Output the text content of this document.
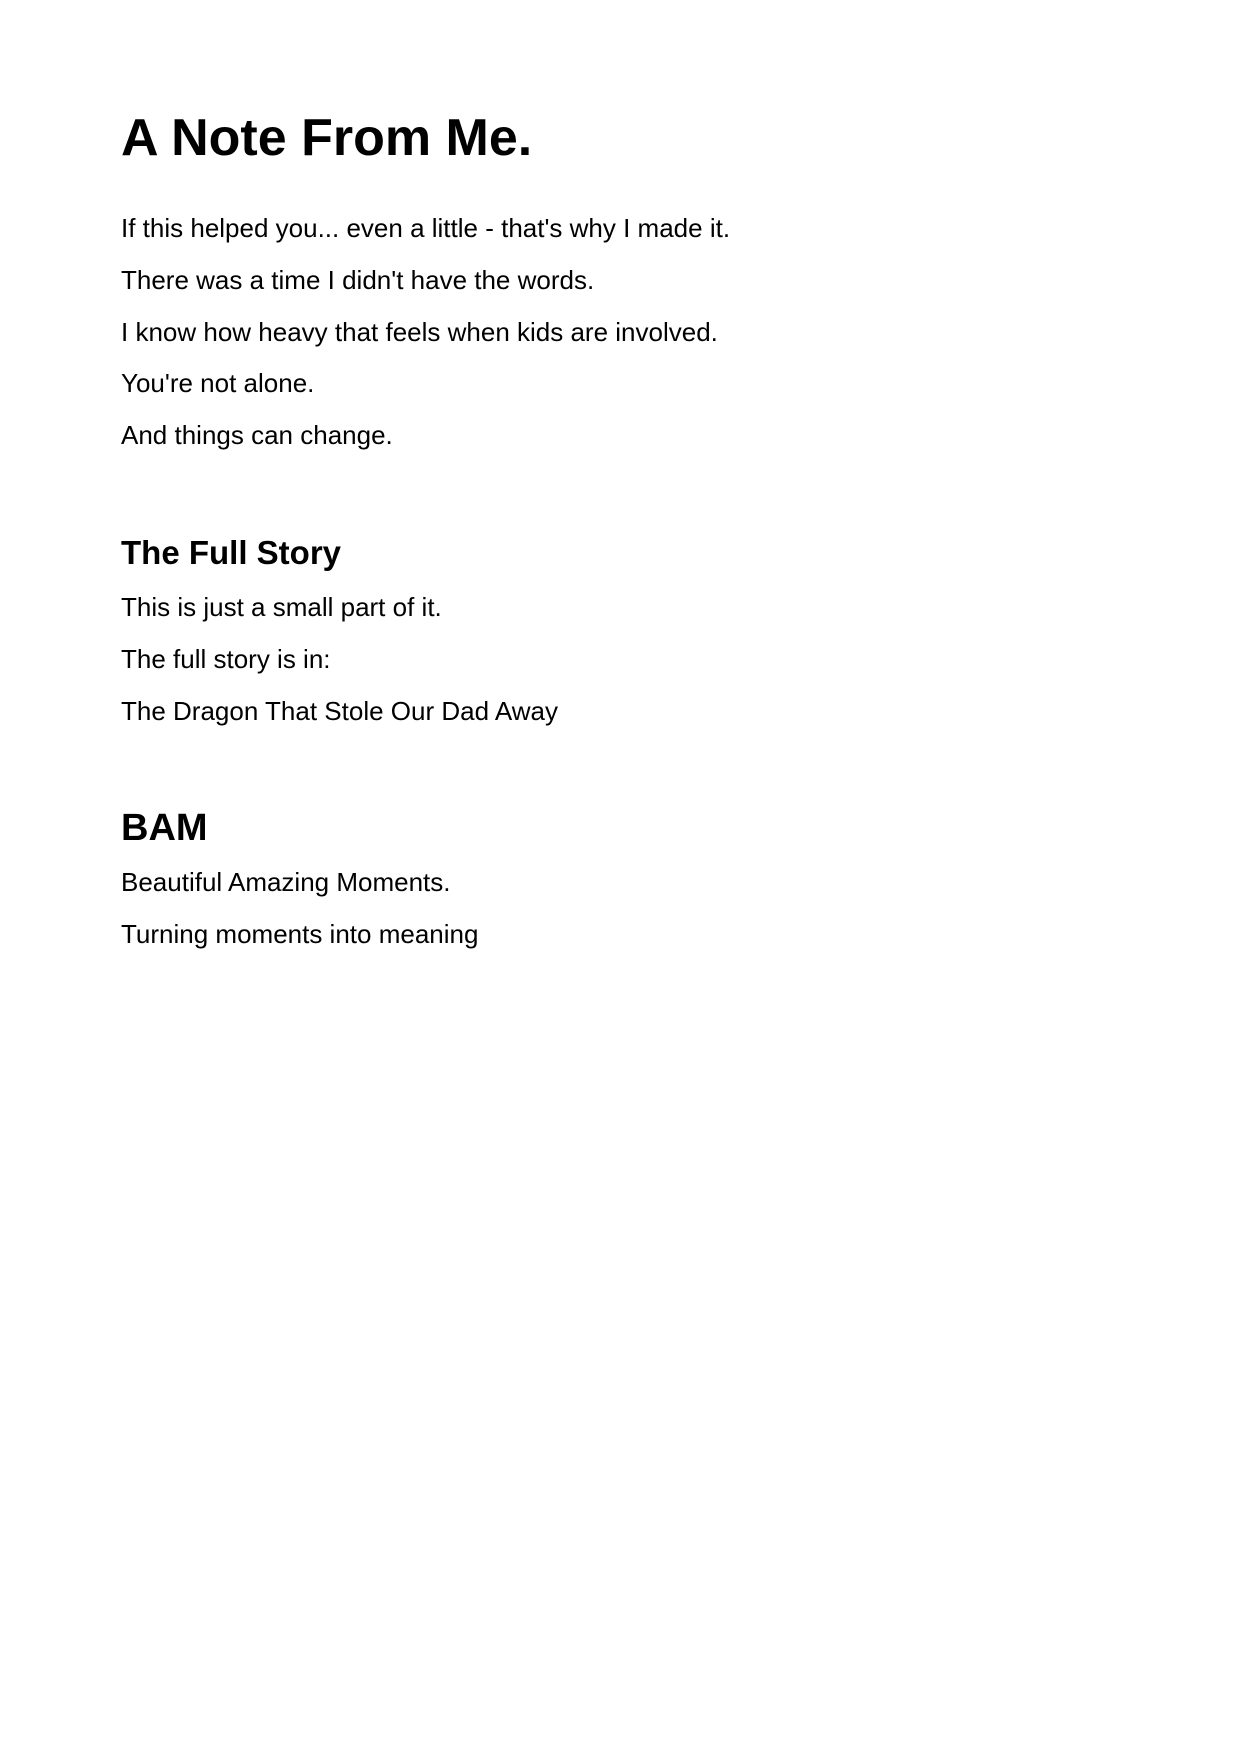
A Note From Me.

If this helped you... even a little - that's why I made it.

There was a time I didn't have the words.

I know how heavy that feels when kids are involved.

You're not alone.

And things can change.

The Full Story

This is just a small part of it.

The full story is in:

The Dragon That Stole Our Dad Away

BAM

Beautiful Amazing Moments.

Turning moments into meaning
